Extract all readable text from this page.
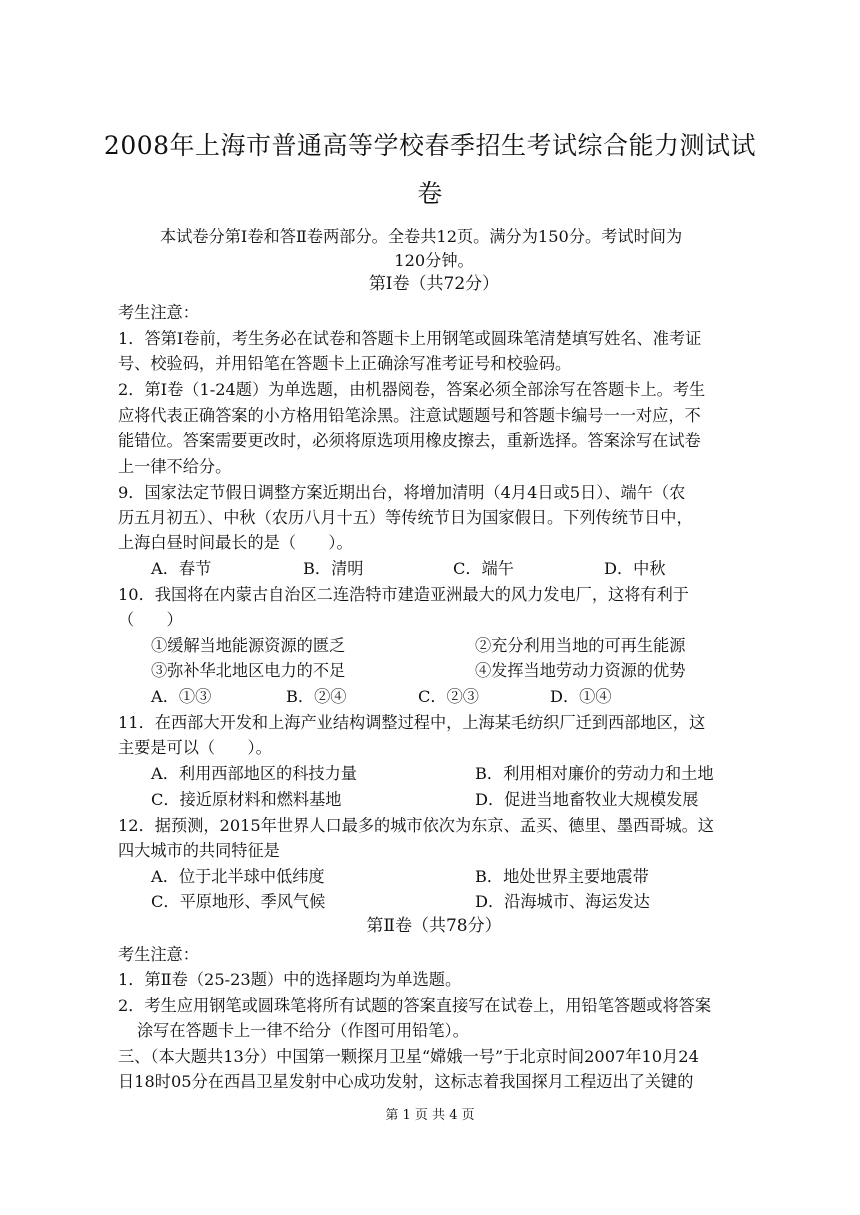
2008年上海市普通高等学校春季招生考试综合能力测试试
卷
本试卷分第Ⅰ卷和答Ⅱ卷两部分。全卷共12页。满分为150分。考试时间为
120分钟。
第Ⅰ卷（共72分）
考生注意：
1．答第Ⅰ卷前，考生务必在试卷和答题卡上用钢笔或圆珠笔清楚填写姓名、准考证
号、校验码，并用铅笔在答题卡上正确涂写准考证号和校验码。
2．第Ⅰ卷（1-24题）为单选题，由机器阅卷，答案必须全部涂写在答题卡上。考生
应将代表正确答案的小方格用铅笔涂黑。注意试题题号和答题卡编号一一对应，不
能错位。答案需要更改时，必须将原选项用橡皮擦去，重新选择。答案涂写在试卷
上一律不给分。
9．国家法定节假日调整方案近期出台，将增加清明（4月4日或5日）、端午（农
历五月初五）、中秋（农历八月十五）等传统节日为国家假日。下列传统节日中，
上海白昼时间最长的是（　　）。
A．春节	B．清明	C．端午	D．中秋
10．我国将在内蒙古自治区二连浩特市建造亚洲最大的风力发电厂，这将有利于
（　　）
①缓解当地能源资源的匮乏	②充分利用当地的可再生能源
③弥补华北地区电力的不足	④发挥当地劳动力资源的优势
A．①③	B．②④	C．②③	D．①④
11．在西部大开发和上海产业结构调整过程中，上海某毛纺织厂迁到西部地区，这
主要是可以（　　）。
A．利用西部地区的科技力量	B．利用相对廉价的劳动力和土地
C．接近原材料和燃料基地	D．促进当地畜牧业大规模发展
12．据预测，2015年世界人口最多的城市依次为东京、孟买、德里、墨西哥城。这
四大城市的共同特征是
A．位于北半球中低纬度	B．地处世界主要地震带
C．平原地形、季风气候	D．沿海城市、海运发达
第Ⅱ卷（共78分）
考生注意：
1．第Ⅱ卷（25-23题）中的选择题均为单选题。
2．考生应用钢笔或圆珠笔将所有试题的答案直接写在试卷上，用铅笔答题或将答案
涂写在答题卡上一律不给分（作图可用铅笔）。
三、（本大题共13分）中国第一颗探月卫星“嫦娥一号”于北京时间2007年10月24
日18时05分在西昌卫星发射中心成功发射，这标志着我国探月工程迈出了关键的
第 1 页 共 4 页
